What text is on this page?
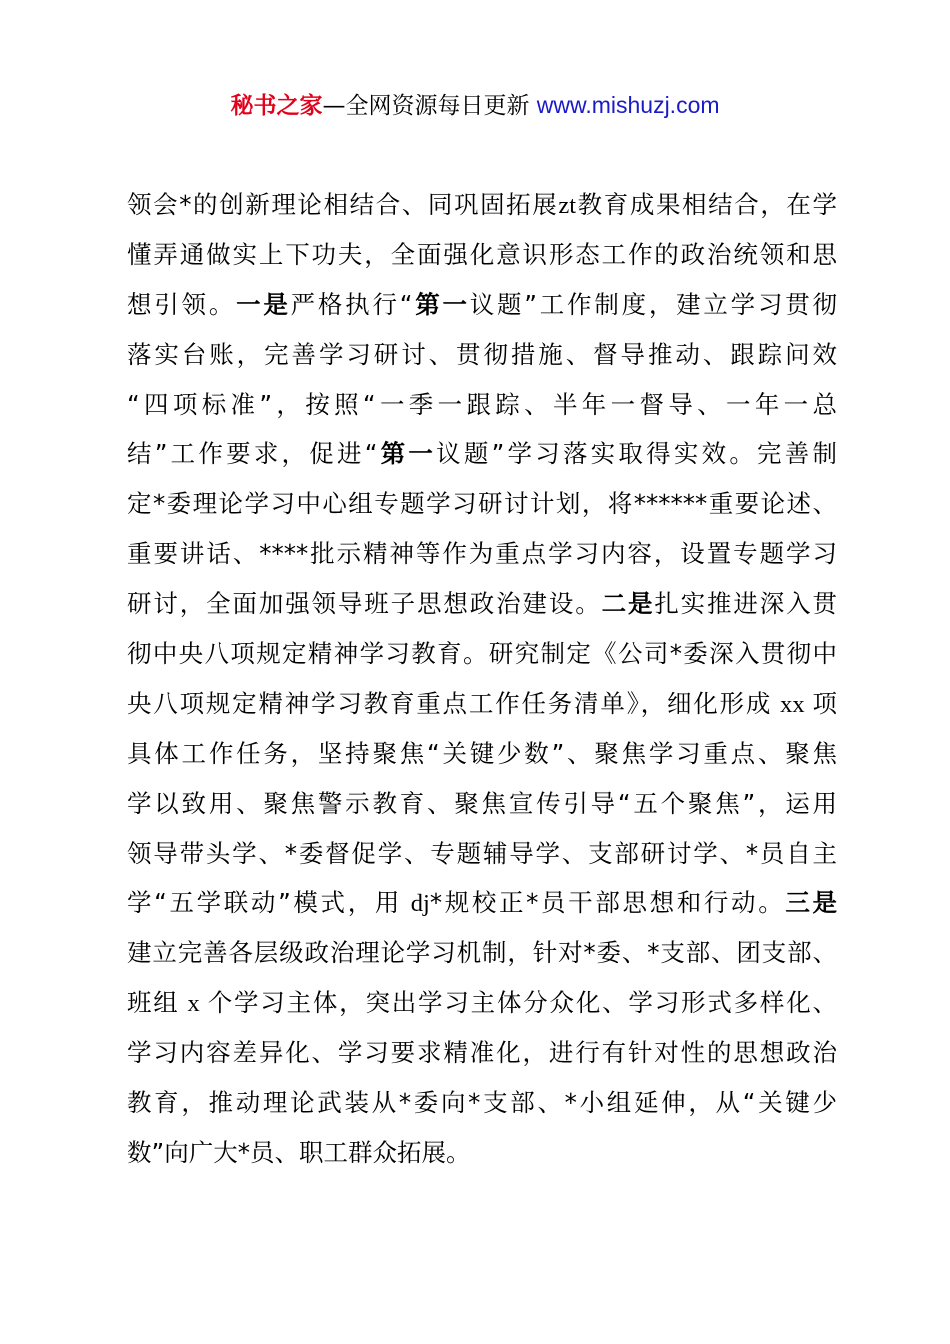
秘书之家—全网资源每日更新 www.mishuzj.com
领会*的创新理论相结合、同巩固拓展zt教育成果相结合，在学
懂弄通做实上下功夫，全面强化意识形态工作的政治统领和思
想引领。一是严格执行“第一议题”工作制度，建立学习贯彻
落实台账，完善学习研讨、贯彻措施、督导推动、跟踪问效
“四项标准”，按照“一季一跟踪、半年一督导、一年一总
结”工作要求，促进“第一议题”学习落实取得实效。完善制
定*委理论学习中心组专题学习研讨计划，将******重要论述、
重要讲话、****批示精神等作为重点学习内容，设置专题学习
研讨，全面加强领导班子思想政治建设。二是扎实推进深入贯
彻中央八项规定精神学习教育。研究制定《公司*委深入贯彻中
央八项规定精神学习教育重点工作任务清单》，细化形成 xx 项
具体工作任务，坚持聚焦“关键少数”、聚焦学习重点、聚焦
学以致用、聚焦警示教育、聚焦宣传引导“五个聚焦”，运用
领导带头学、*委督促学、专题辅导学、支部研讨学、*员自主
学“五学联动”模式，用 dj*规校正*员干部思想和行动。三是
建立完善各层级政治理论学习机制，针对*委、*支部、团支部、
班组 x 个学习主体，突出学习主体分众化、学习形式多样化、
学习内容差异化、学习要求精准化，进行有针对性的思想政治
教育，推动理论武装从*委向*支部、*小组延伸，从“关键少
数”向广大*员、职工群众拓展。
